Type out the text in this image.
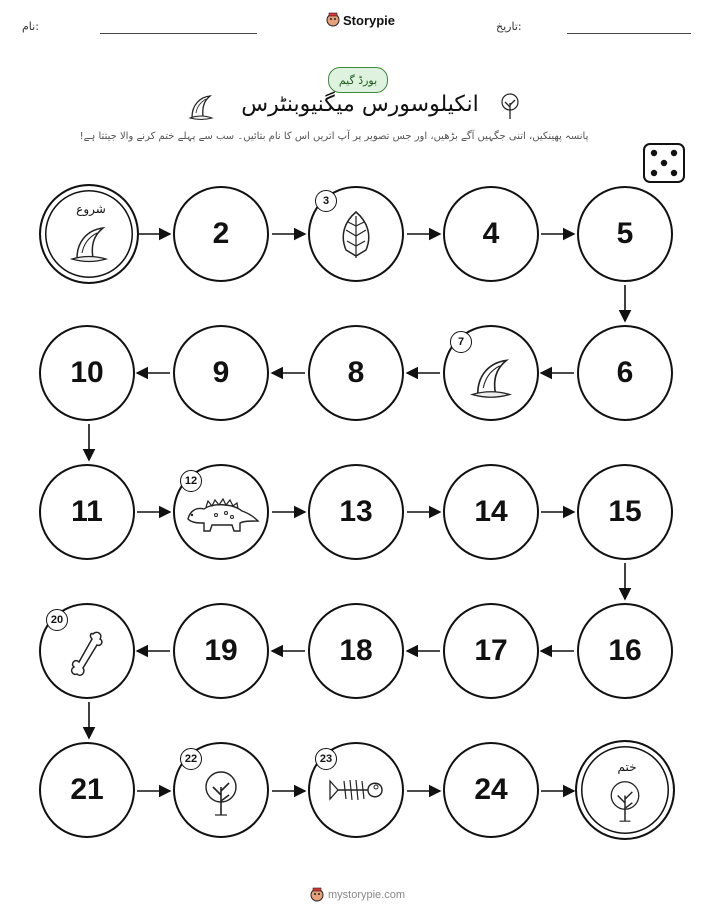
نام:	Storypie	تاریخ:
بورڈ گیم
انکیلوسورس میگنیوبنٹرس
پانسہ پھینکیں، اتنی جگہیں آگے بڑھیں، اور جس تصویر پر آپ اتریں اس کا نام بتائیں۔ سب سے پہلے ختم کرنے والا جیتتا ہے!
شروع
2
3
4	5
6
7
8
9
10
11
12
13	14	15
16
17
18
19
20
21
22	23
24
ختم
mystorypie.com
